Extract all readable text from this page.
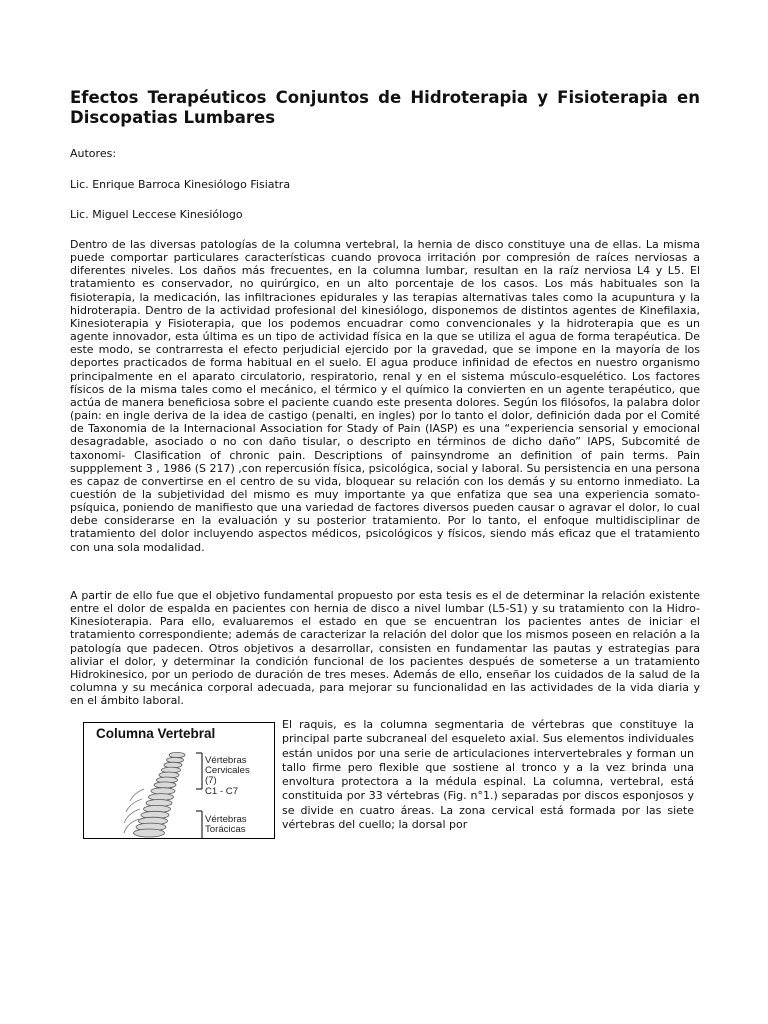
Efectos Terapéuticos Conjuntos de Hidroterapia y Fisioterapia en Discopatias Lumbares

Autores:

Lic. Enrique Barroca Kinesiólogo Fisiatra

Lic. Miguel Leccese Kinesiólogo

Dentro de las diversas patologías de la columna vertebral, la hernia de disco constituye una de ellas. La misma puede comportar particulares características cuando provoca irritación por compresión de raíces nerviosas a diferentes niveles. Los daños más frecuentes, en la columna lumbar, resultan en la raíz nerviosa L4 y L5. El tratamiento es conservador, no quirúrgico, en un alto porcentaje de los casos. Los más habituales son la fisioterapia, la medicación, las infiltraciones epidurales y las terapias alternativas tales como la acupuntura y la hidroterapia. Dentro de la actividad profesional del kinesiólogo, disponemos de distintos agentes de Kinefilaxia, Kinesioterapia y Fisioterapia, que los podemos encuadrar como convencionales y la hidroterapia que es un agente innovador, esta última es un tipo de actividad física en la que se utiliza el agua de forma terapéutica. De este modo, se contrarresta el efecto perjudicial ejercido por la gravedad, que se impone en la mayoría de los deportes practicados de forma habitual en el suelo. El agua produce infinidad de efectos en nuestro organismo principalmente en el aparato circulatorio, respiratorio, renal y en el sistema músculo-esquelético. Los factores físicos de la misma tales como el mecánico, el térmico y el químico la convierten en un agente terapéutico, que actúa de manera beneficiosa sobre el paciente cuando este presenta dolores. Según los filósofos, la palabra dolor (pain: en ingle deriva de la idea de castigo (penalti, en ingles) por lo tanto el dolor, definición dada por el Comité de Taxonomia de la Internacional Association for Stady of Pain (IASP) es una “experiencia sensorial y emocional desagradable, asociado o no con daño tisular, o descripto en términos de dicho daño” IAPS, Subcomité de taxonomi- Clasification of chronic pain. Descriptions of painsyndrome an definition of pain terms. Pain suppplement 3 , 1986 (S 217) ,con repercusión física, psicológica, social y laboral. Su persistencia en una persona es capaz de convertirse en el centro de su vida, bloquear su relación con los demás y su entorno inmediato. La cuestión de la subjetividad del mismo es muy importante ya que enfatiza que sea una experiencia somato-psíquica, poniendo de manifiesto que una variedad de factores diversos pueden causar o agravar el dolor, lo cual debe considerarse en la evaluación y su posterior tratamiento. Por lo tanto, el enfoque multidisciplinar de tratamiento del dolor incluyendo aspectos médicos, psicológicos y físicos, siendo más eficaz que el tratamiento con una sola modalidad.

A partir de ello fue que el objetivo fundamental propuesto por esta tesis es el de determinar la relación existente entre el dolor de espalda en pacientes con hernia de disco a nivel lumbar (L5-S1) y su tratamiento con la Hidro-Kinesioterapia. Para ello, evaluaremos el estado en que se encuentran los pacientes antes de iniciar el tratamiento correspondiente; además de caracterizar la relación del dolor que los mismos poseen en relación a la patología que padecen. Otros objetivos a desarrollar, consisten en fundamentar las pautas y estrategias para aliviar el dolor, y determinar la condición funcional de los pacientes después de someterse a un tratamiento Hidrokinesico, por un periodo de duración de tres meses. Además de ello, enseñar los cuidados de la salud de la columna y su mecánica corporal adecuada, para mejorar su funcionalidad en las actividades de la vida diaria y en el ámbito laboral.

Columna Vertebral
Vértebras
Cervicales
(7)
C1 - C7
Vértebras
Torácicas

El raquis, es la columna segmentaria de vértebras que constituye la principal parte subcraneal del esqueleto axial. Sus elementos individuales están unidos por una serie de articulaciones intervertebrales y forman un tallo firme pero flexible que sostiene al tronco y a la vez brinda una envoltura protectora a la médula espinal. La columna, vertebral, está constituida por 33 vértebras (Fig. n°1.) separadas por discos esponjosos y se divide en cuatro áreas. La zona cervical está formada por las siete vértebras del cuello; la dorsal por
